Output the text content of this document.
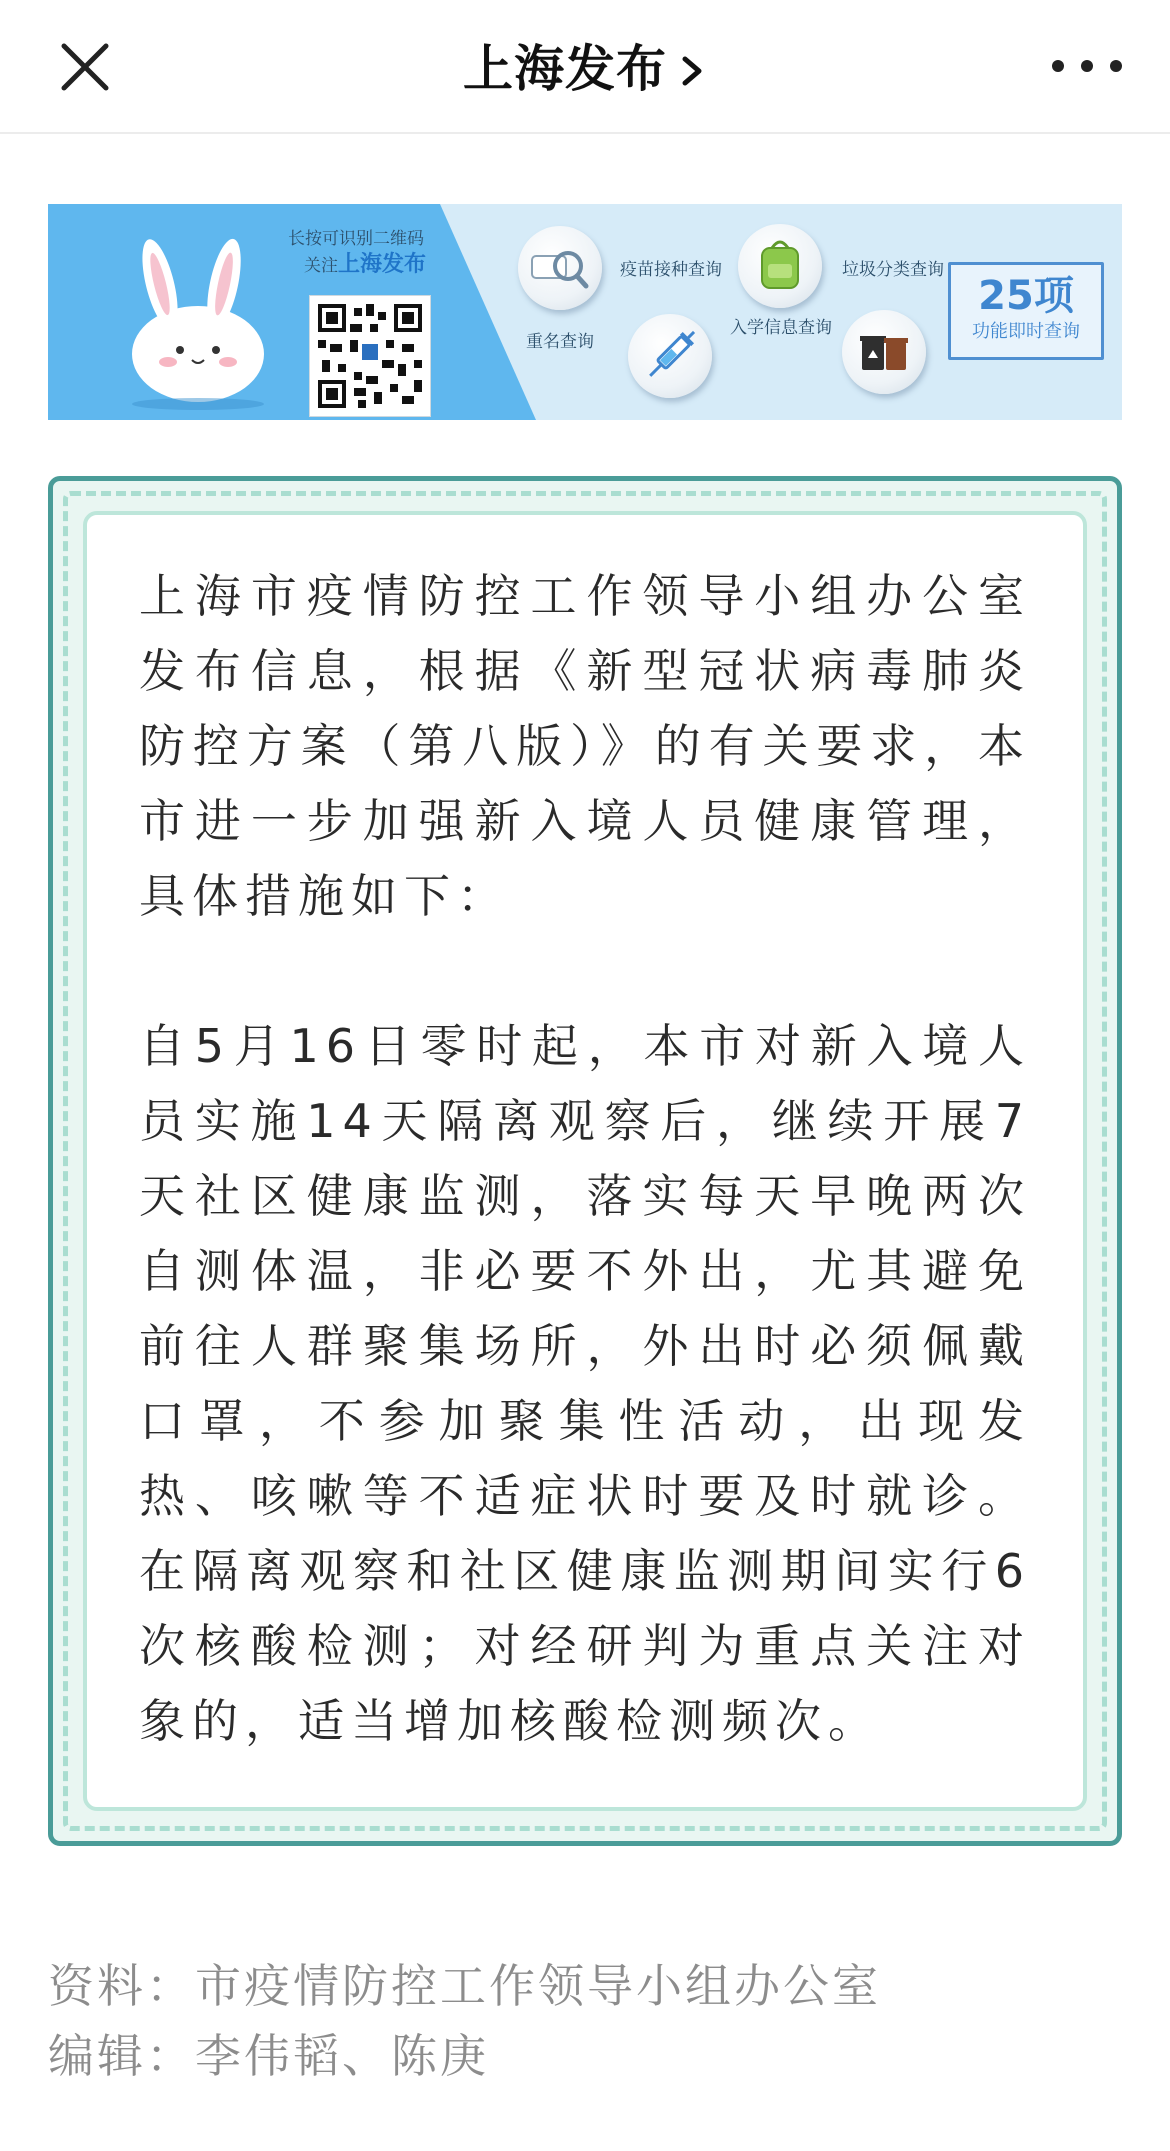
上海发布
长按可识别二维码
关注上海发布
重名查询
疫苗接种查询
入学信息查询
垃圾分类查询
25项
功能即时查询

上海市疫情防控工作领导小组办公室发布信息，根据《新型冠状病毒肺炎防控方案（第八版）》的有关要求，本市进一步加强新入境人员健康管理，具体措施如下：

自5月16日零时起，本市对新入境人员实施14天隔离观察后，继续开展7天社区健康监测，落实每天早晚两次自测体温，非必要不外出，尤其避免前往人群聚集场所，外出时必须佩戴口罩，不参加聚集性活动，出现发热、咳嗽等不适症状时要及时就诊。在隔离观察和社区健康监测期间实行6次核酸检测；对经研判为重点关注对象的，适当增加核酸检测频次。

资料：市疫情防控工作领导小组办公室
编辑：李伟韬、陈庚
